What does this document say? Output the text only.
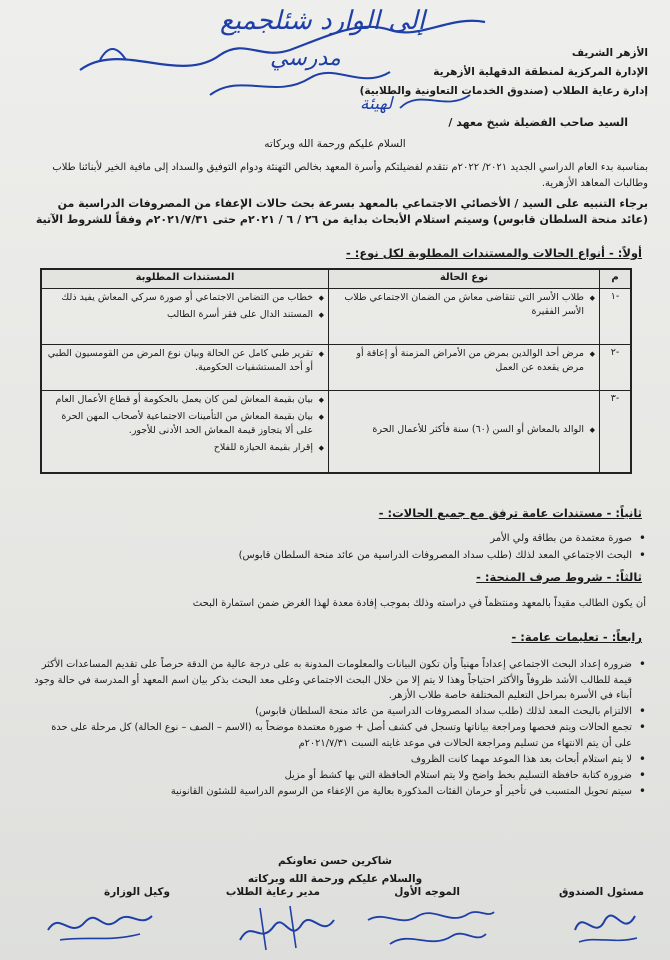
إلى الوارد شئلجميع
مدرسي
لهيئة
الأزهر الشريف
الإدارة المركزية لمنطقة الدقهلية الأزهرية
إدارة رعاية الطلاب (صندوق الخدمات التعاونية والطلابية)
السيد صاحب الفضيلة شيخ معهد /
السلام عليكم ورحمة الله وبركاته
بمناسبة بدء العام الدراسي الجديد ٢٠٢١/ ٢٠٢٢م نتقدم لفضيلتكم وأسرة المعهد بخالص التهنئة ودوام التوفيق والسداد إلى مافية الخير لأبنائنا طلاب وطالبات المعاهد الأزهرية.
برجاء التنبيه على السيد / الأخصائي الاجتماعي بالمعهد بسرعة بحث حالات الإعفاء من المصروفات الدراسية من (عائد منحة السلطان قابوس) وسيتم استلام الأبحاث بداية من ٢٦ / ٦ / ٢٠٢١م حتى ٢٠٢١/٧/٣١م وفقاً للشروط الآتية
أولاً: - أنواع الحالات والمستندات المطلوبة لكل نوع: -
م	نوع الحالة	المستندات المطلوبة
-١	◆ طلاب الأسر التي تتقاضى معاش من الضمان الاجتماعي طلاب الأسر الفقيرة	◆ خطاب من التضامن الاجتماعي أو صورة سركي المعاش يفيد ذلك
◆ المستند الدال على فقر أسرة الطالب

-٢	◆ مرض أحد الوالدين بمرض من الأمراض المزمنة أو إعاقة أو مرض يقعده عن العمل	◆ تقرير طبي كامل عن الحالة وبيان نوع المرض من القومسيون الطبي أو أحد المستشفيات الحكومية.

-٣	◆ الوالد بالمعاش أو السن (٦٠) سنة فأكثر للأعمال الحرة	◆ بيان بقيمة المعاش لمن كان يعمل بالحكومة أو قطاع الأعمال العام
◆ بيان بقيمة المعاش من التأمينات الاجتماعية لأصحاب المهن الحرة على ألا يتجاوز قيمة المعاش الحد الأدنى للأجور.
◆ إقرار بقيمة الحيازة للفلاح
ثانياً: - مستندات عامة ترفق مع جميع الحالات: -
• صورة معتمدة من بطاقة ولي الأمر
• البحث الاجتماعي المعد لذلك (طلب سداد المصروفات الدراسية من عائد منحة السلطان قابوس)
ثالثاً: - شروط صرف المنحة: -
أن يكون الطالب مقيداً بالمعهد ومنتظماً في دراسته وذلك بموجب إفادة معدة لهذا الغرض ضمن استمارة البحث
رابعاً: - تعليمات عامة: -
• ضرورة إعداد البحث الاجتماعي إعداداً مهنياً وأن تكون البيانات والمعلومات المدونة به على درجة عالية من الدقة حرصاً على تقديم المساعدات الأكثر قيمة للطالب الأشد ظروفاً والأكثر احتياجاً وهذا لا يتم إلا من خلال البحث الاجتماعي وعلى معد البحث بذكر بيان اسم المعهد أو المدرسة في حالة وجود أبناء في الأسرة بمراحل التعليم المختلفة خاصة طلاب الأزهر.
• الالتزام بالبحث المعد لذلك (طلب سداد المصروفات الدراسية من عائد منحة السلطان قابوس)
• تجمع الحالات ويتم فحصها ومراجعة بياناتها وتسجل في كشف أصل + صورة معتمدة موضحاً به (الاسم – الصف – نوع الحالة) كل مرحلة على حدة على أن يتم الانتهاء من تسليم ومراجعة الحالات في موعد غايته السبت ٢٠٢١/٧/٣١م
• لا يتم استلام أبحاث بعد هذا الموعد مهما كانت الظروف
• ضرورة كتابة حافظة التسليم بخط واضح ولا يتم استلام الحافظة التي بها كشط أو مزيل
• سيتم تحويل المتسبب في تأخير أو حرمان الفئات المذكورة بعالية من الإعفاء من الرسوم الدراسية للشئون القانونية
شاكرين حسن تعاونكم
والسلام عليكم ورحمة الله وبركاته
مسئول الصندوق
الموجه الأول
مدير رعاية الطلاب
وكيل الوزارة
